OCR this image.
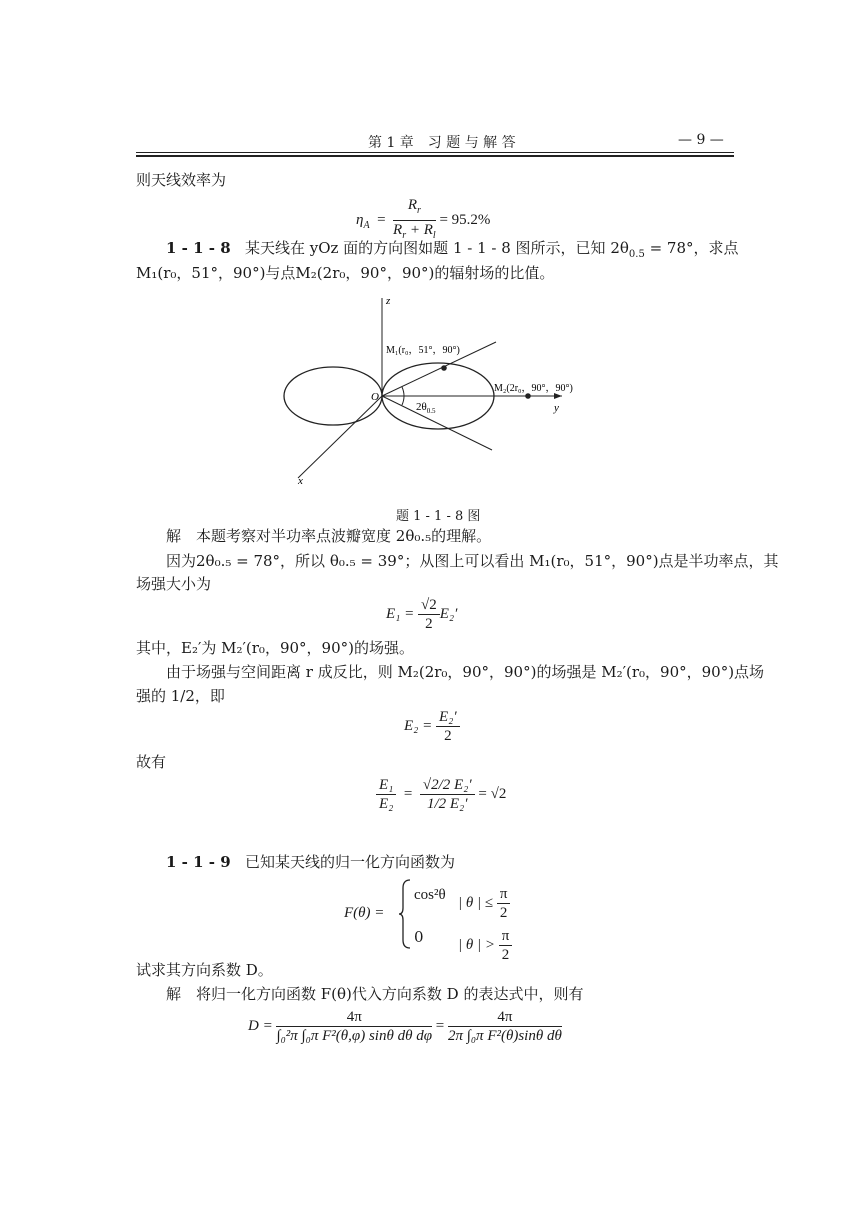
第 1 章　习 题 与 解 答	— 9 —
则天线效率为
$\eta_A = \frac{R_r}{R_r + R_l} = 95.2\%$
1 - 1 - 8 某天线在 yOz 面的方向图如题 1 - 1 - 8 图所示，已知 $2\theta_{0.5} = 78^\circ$，求点
M₁(r₀，51°，90°)与点M₂(2r₀，90°，90°)的辐射场的比值。
z
y
x
O
M₁(r₀，51°，90°)
M₂(2r₀，90°，90°)
$2\theta_{0.5}$
题 1 - 1 - 8 图
解　本题考察对半功率点波瓣宽度 2θ₀.₅的理解。
因为2θ₀.₅ = 78°，所以 θ₀.₅ = 39°；从图上可以看出 M₁(r₀，51°，90°)点是半功率点，其
场强大小为
$E_1 = \frac{√2}{2} E_2'$
其中，E₂′为 M₂′(r₀，90°，90°)的场强。
由于场强与空间距离 r 成反比，则 M₂(2r₀，90°，90°)的场强是 M₂′(r₀，90°，90°)点场
强的 1/2，即
$E_2 = \frac{\text{E₂′}}{2}$
故有
$\frac{\text{E₁}}{\text{E₂}} = \frac{\text{√2/2 E₂′}}{\text{1/2 E₂′}} = √2$
1 - 1 - 9 已知某天线的归一化方向函数为
F(θ) =
cos²θ | θ | ≤ $\frac{\pi}{2}$
0 | θ | > $\frac{\pi}{2}$
试求其方向系数 D。
解　将归一化方向函数 F(θ)代入方向系数 D 的表达式中，则有
$D = \frac{4\pi}{\text{∫₀²π ∫₀π F²(θ,φ) sinθ dθ dφ}} = \frac{4\pi}{\text{2π ∫₀π F²(θ)sinθ dθ}}$
